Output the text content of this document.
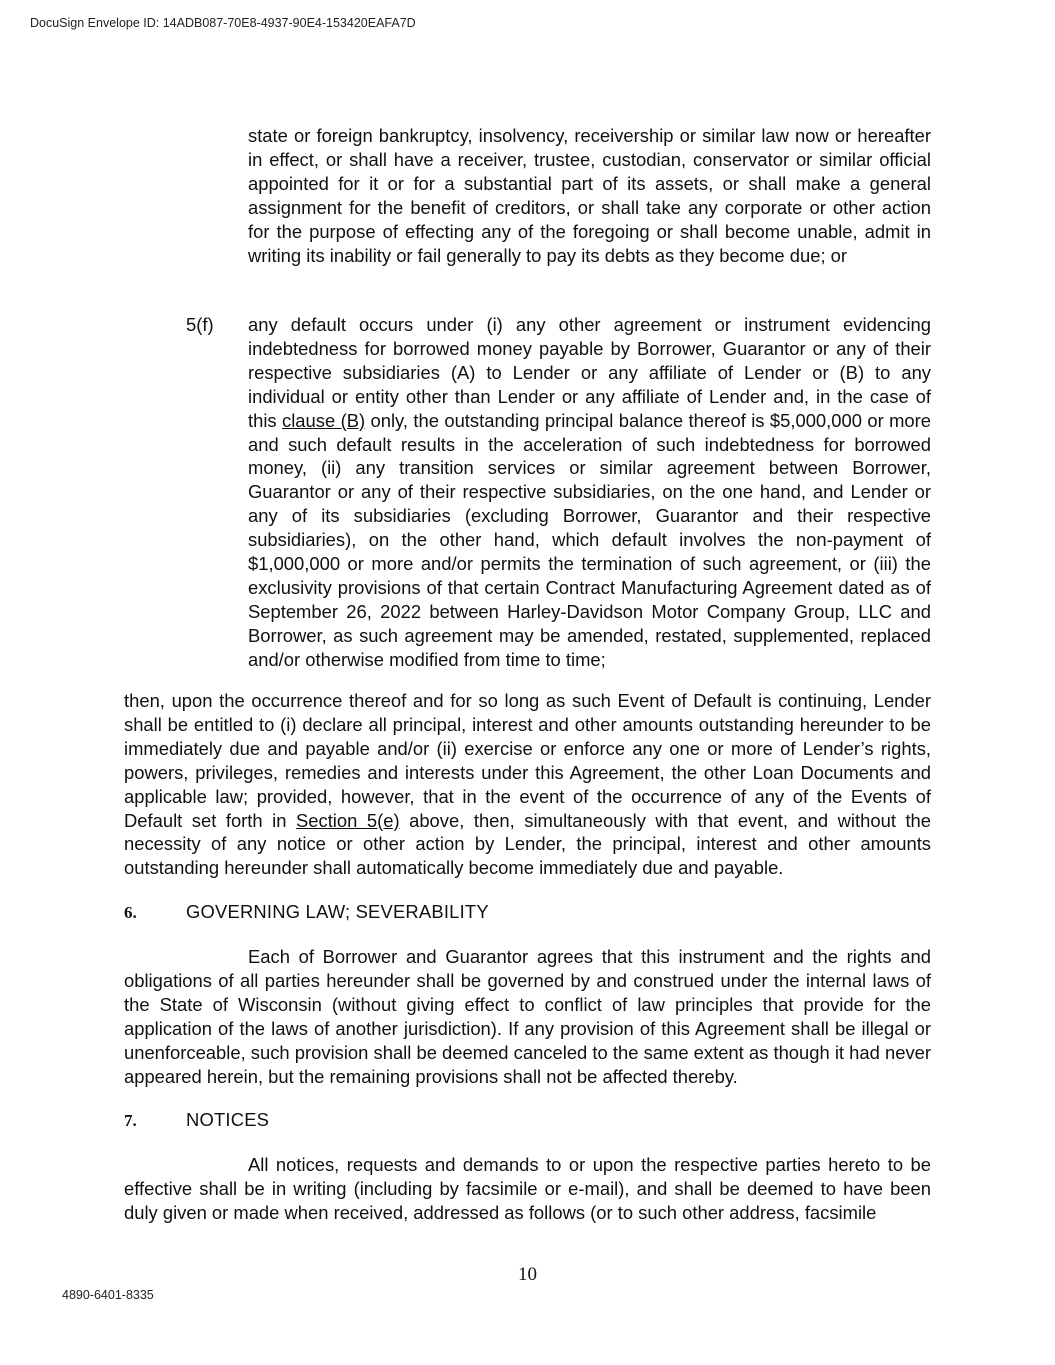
DocuSign Envelope ID: 14ADB087-70E8-4937-90E4-153420EAFA7D

state or foreign bankruptcy, insolvency, receivership or similar law now or hereafter in effect, or shall have a receiver, trustee, custodian, conservator or similar official appointed for it or for a substantial part of its assets, or shall make a general assignment for the benefit of creditors, or shall take any corporate or other action for the purpose of effecting any of the foregoing or shall become unable, admit in writing its inability or fail generally to pay its debts as they become due; or

5(f) any default occurs under (i) any other agreement or instrument evidencing indebtedness for borrowed money payable by Borrower, Guarantor or any of their respective subsidiaries (A) to Lender or any affiliate of Lender or (B) to any individual or entity other than Lender or any affiliate of Lender and, in the case of this clause (B) only, the outstanding principal balance thereof is $5,000,000 or more and such default results in the acceleration of such indebtedness for borrowed money, (ii) any transition services or similar agreement between Borrower, Guarantor or any of their respective subsidiaries, on the one hand, and Lender or any of its subsidiaries (excluding Borrower, Guarantor and their respective subsidiaries), on the other hand, which default involves the non-payment of $1,000,000 or more and/or permits the termination of such agreement, or (iii) the exclusivity provisions of that certain Contract Manufacturing Agreement dated as of September 26, 2022 between Harley-Davidson Motor Company Group, LLC and Borrower, as such agreement may be amended, restated, supplemented, replaced and/or otherwise modified from time to time;

then, upon the occurrence thereof and for so long as such Event of Default is continuing, Lender shall be entitled to (i) declare all principal, interest and other amounts outstanding hereunder to be immediately due and payable and/or (ii) exercise or enforce any one or more of Lender’s rights, powers, privileges, remedies and interests under this Agreement, the other Loan Documents and applicable law; provided, however, that in the event of the occurrence of any of the Events of Default set forth in Section 5(e) above, then, simultaneously with that event, and without the necessity of any notice or other action by Lender, the principal, interest and other amounts outstanding hereunder shall automatically become immediately due and payable.

6.	GOVERNING LAW; SEVERABILITY

Each of Borrower and Guarantor agrees that this instrument and the rights and obligations of all parties hereunder shall be governed by and construed under the internal laws of the State of Wisconsin (without giving effect to conflict of law principles that provide for the application of the laws of another jurisdiction). If any provision of this Agreement shall be illegal or unenforceable, such provision shall be deemed canceled to the same extent as though it had never appeared herein, but the remaining provisions shall not be affected thereby.

7.	NOTICES

All notices, requests and demands to or upon the respective parties hereto to be effective shall be in writing (including by facsimile or e-mail), and shall be deemed to have been duly given or made when received, addressed as follows (or to such other address, facsimile

10
4890-6401-8335
